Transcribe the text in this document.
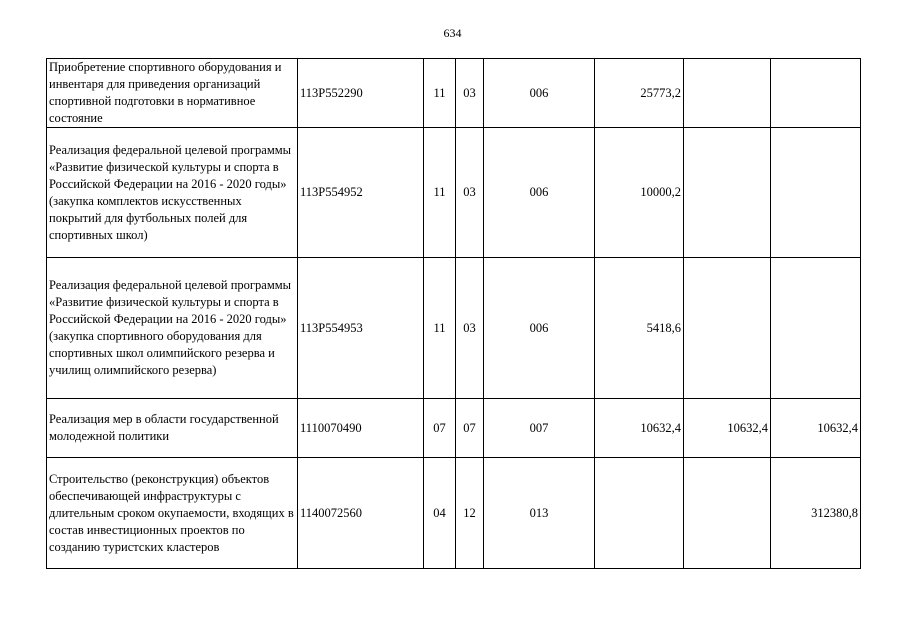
634
Приобретение спортивного оборудования и инвентаря для приведения организаций спортивной подготовки в нормативное состояние	113P552290	11	03	006	25773,2		
Реализация федеральной целевой программы «Развитие физической культуры и спорта в Российской Федерации на 2016 - 2020 годы» (закупка комплектов искусственных покрытий для футбольных полей для спортивных школ)	113P554952	11	03	006	10000,2		
Реализация федеральной целевой программы «Развитие физической культуры и спорта в Российской Федерации на 2016 - 2020 годы» (закупка спортивного оборудования для спортивных школ олимпийского резерва и училищ олимпийского резерва)	113P554953	11	03	006	5418,6		
Реализация мер в области государственной молодежной политики	1110070490	07	07	007	10632,4	10632,4	10632,4
Строительство (реконструкция) объектов обеспечивающей инфраструктуры с длительным сроком окупаемости, входящих в состав инвестиционных проектов по созданию туристских кластеров	1140072560	04	12	013			312380,8
